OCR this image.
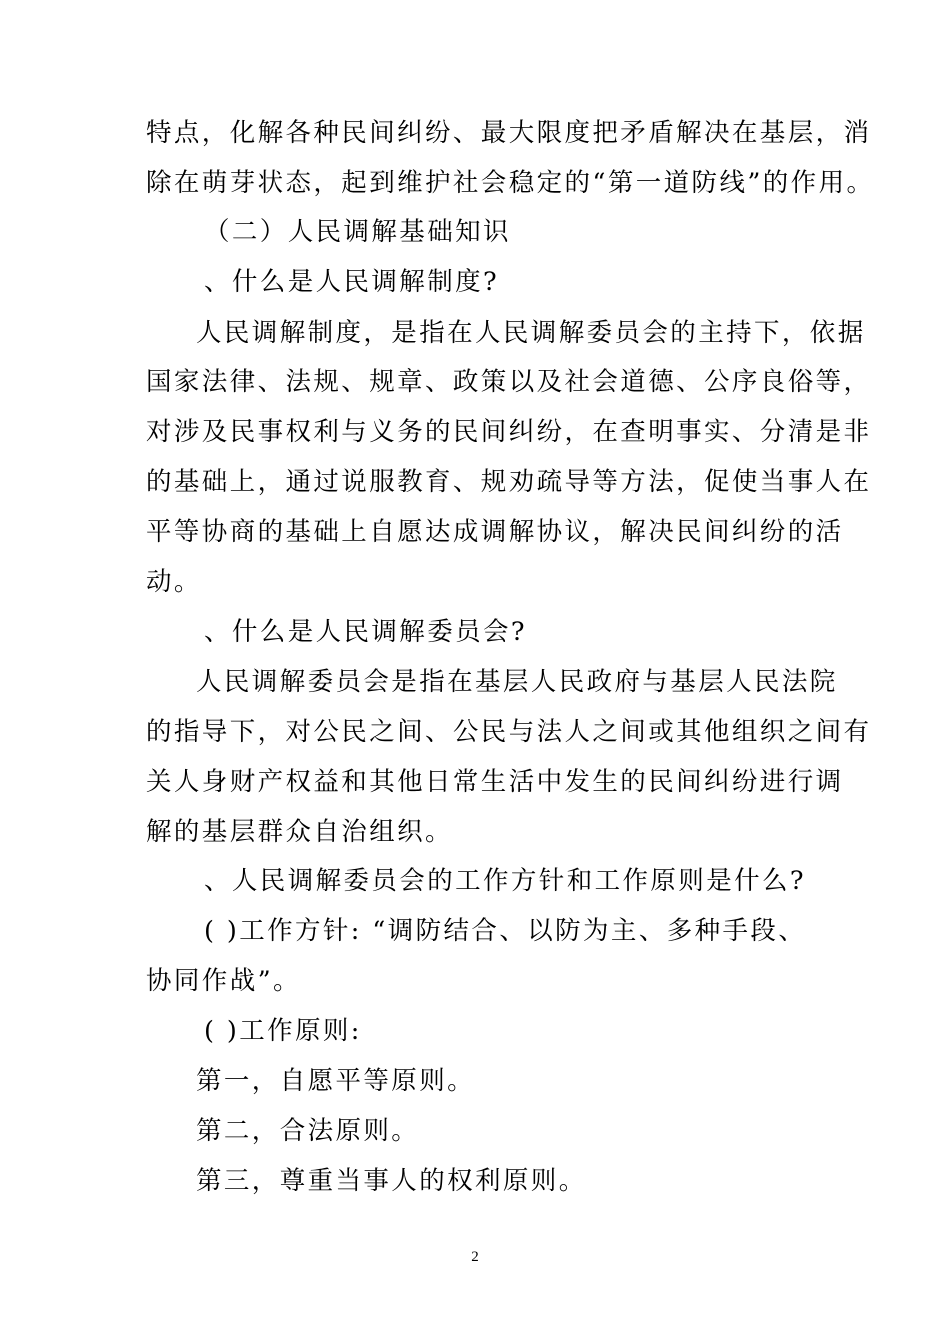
特点，化解各种民间纠纷、最大限度把矛盾解决在基层，消
除在萌芽状态，起到维护社会稳定的“第一道防线”的作用。
（二）人民调解基础知识
、什么是人民调解制度?
人民调解制度，是指在人民调解委员会的主持下，依据
国家法律、法规、规章、政策以及社会道德、公序良俗等，
对涉及民事权利与义务的民间纠纷，在查明事实、分清是非
的基础上，通过说服教育、规劝疏导等方法，促使当事人在
平等协商的基础上自愿达成调解协议，解决民间纠纷的活
动。
、什么是人民调解委员会?
人民调解委员会是指在基层人民政府与基层人民法院
的指导下，对公民之间、公民与法人之间或其他组织之间有
关人身财产权益和其他日常生活中发生的民间纠纷进行调
解的基层群众自治组织。
、人民调解委员会的工作方针和工作原则是什么?
( )工作方针: “调防结合、以防为主、多种手段、
协同作战”。
( )工作原则:
第一，自愿平等原则。
第二，合法原则。
第三，尊重当事人的权利原则。
2
